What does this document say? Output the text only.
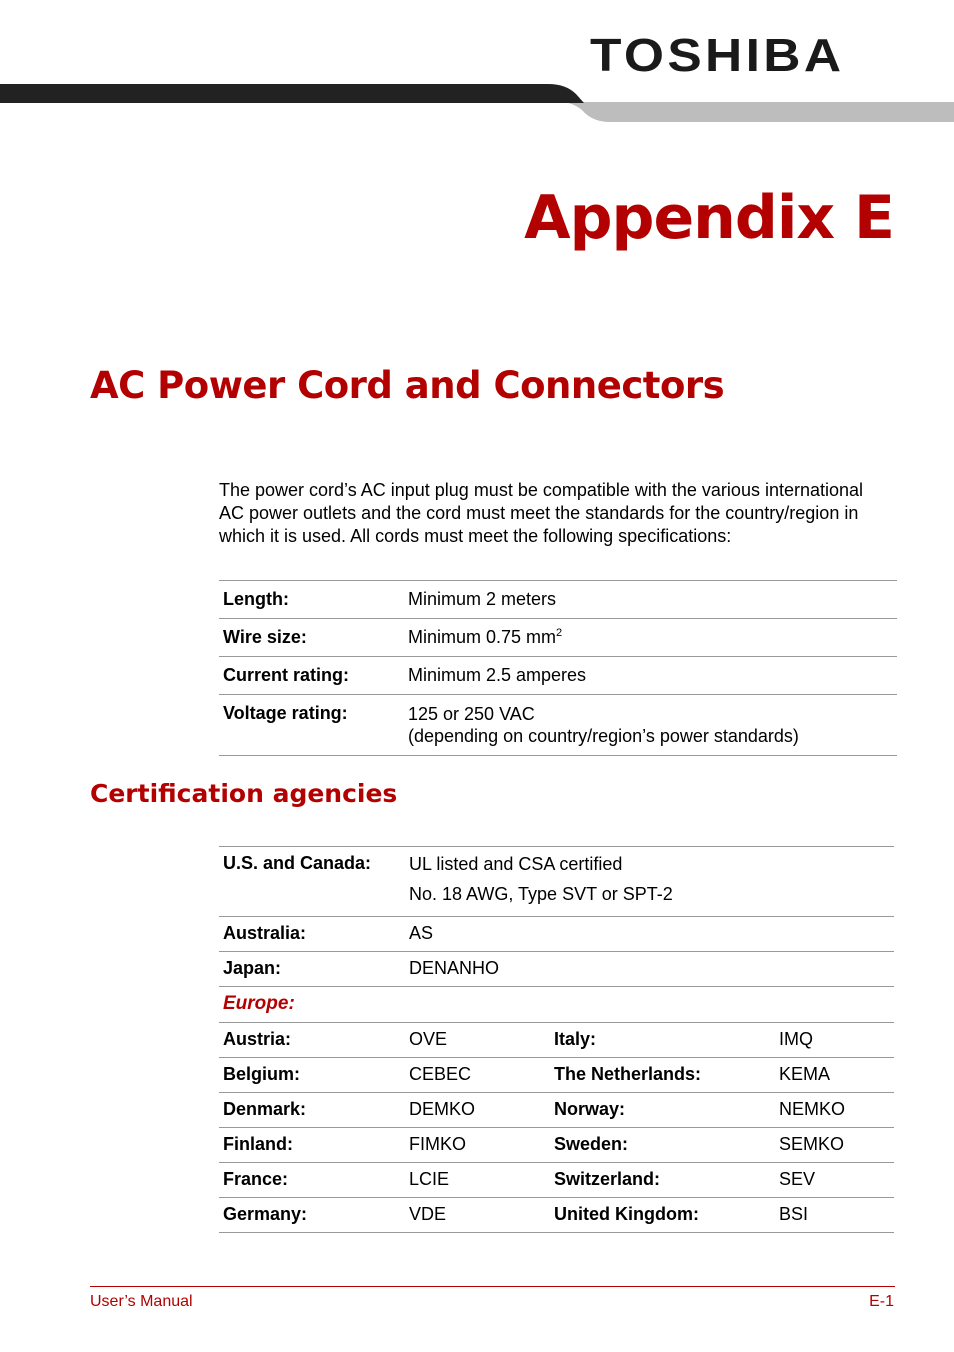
TOSHIBA
Appendix E
AC Power Cord and Connectors

The power cord’s AC input plug must be compatible with the various international AC power outlets and the cord must meet the standards for the country/region in which it is used. All cords must meet the following specifications:

Length:	Minimum 2 meters
Wire size:	Minimum 0.75 $mm^2$
Current rating:	Minimum 2.5 amperes
Voltage rating:	125 or 250 VAC
(depending on country/region’s power standards)
Certification agencies
U.S. and Canada:	UL listed and CSA certified
No. 18 AWG, Type SVT or SPT-2		

Australia:	AS		
Japan:	DENANHO		
Europe:			
Austria:	OVE	Italy:	IMQ
Belgium:	CEBEC	The Netherlands:	KEMA
Denmark:	DEMKO	Norway:	NEMKO
Finland:	FIMKO	Sweden:	SEMKO
France:	LCIE	Switzerland:	SEV
Germany:	VDE	United Kingdom:	BSI
User’s Manual	E-1
